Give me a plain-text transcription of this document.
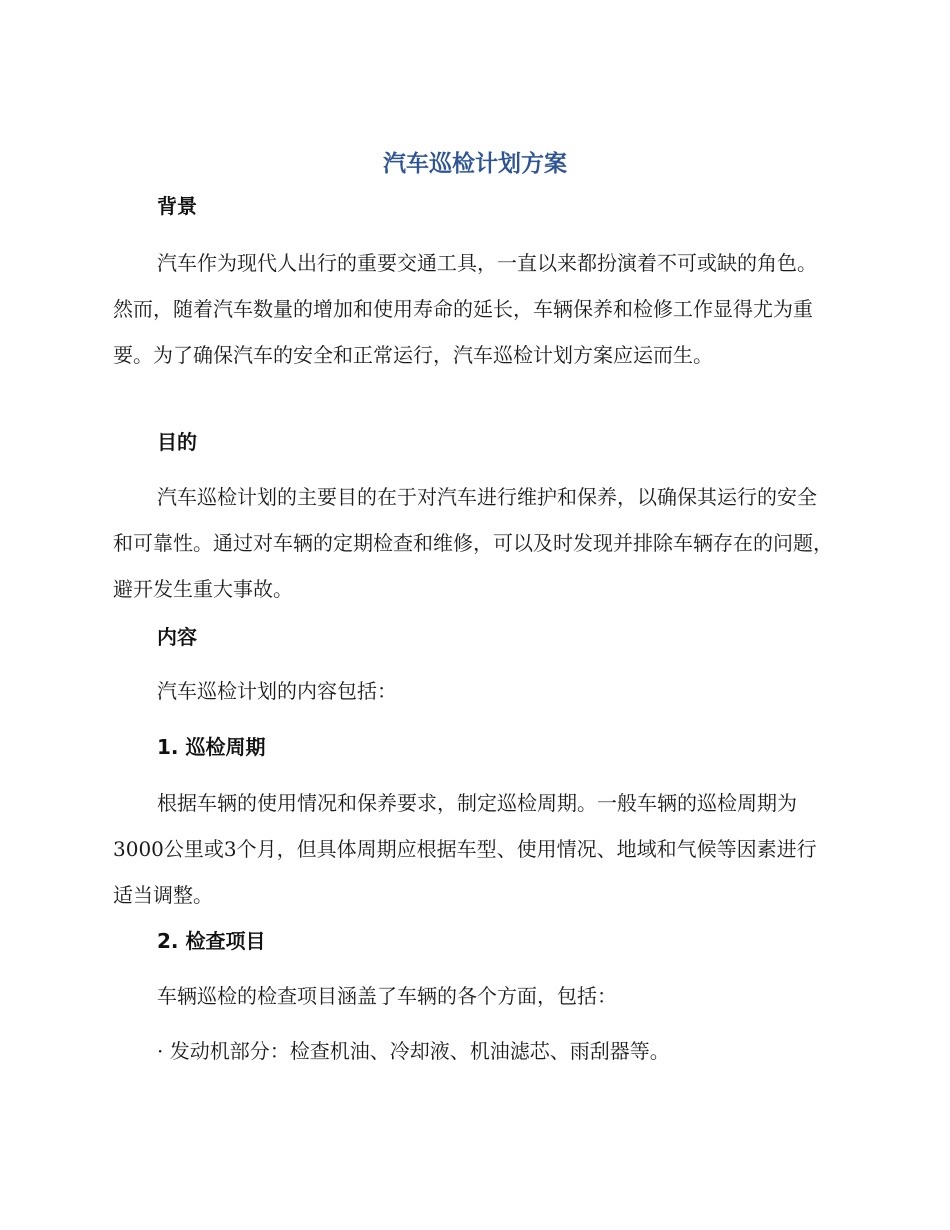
汽车巡检计划方案
背景
汽车作为现代人出行的重要交通工具，一直以来都扮演着不可或缺的角色。然而，随着汽车数量的增加和使用寿命的延长，车辆保养和检修工作显得尤为重要。为了确保汽车的安全和正常运行，汽车巡检计划方案应运而生。
目的
汽车巡检计划的主要目的在于对汽车进行维护和保养，以确保其运行的安全和可靠性。通过对车辆的定期检查和维修，可以及时发现并排除车辆存在的问题，避开发生重大事故。
内容
汽车巡检计划的内容包括：
1. 巡检周期
根据车辆的使用情况和保养要求，制定巡检周期。一般车辆的巡检周期为3000公里或3个月，但具体周期应根据车型、使用情况、地域和气候等因素进行适当调整。
2. 检查项目
车辆巡检的检查项目涵盖了车辆的各个方面，包括：
· 发动机部分：检查机油、冷却液、机油滤芯、雨刮器等。
